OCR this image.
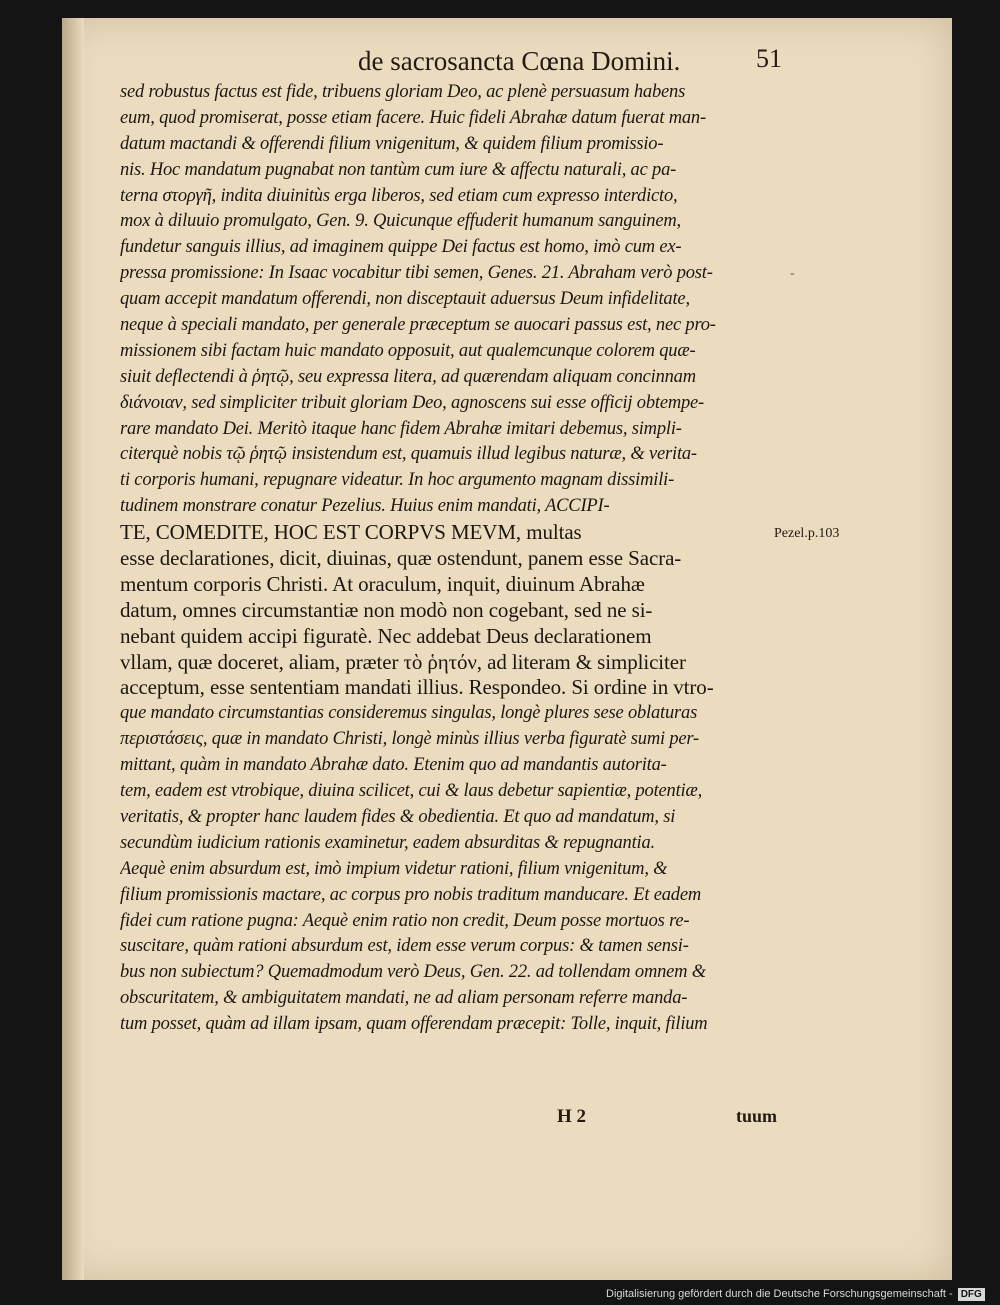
de sacrosancta Cœna Domini.	51
-
Pezel.p.103
sed robustus factus est fide, tribuens gloriam Deo, ac plenè persuasum habens
eum, quod promiserat, posse etiam facere. Huic fideli Abrahæ datum fuerat man-
datum mactandi & offerendi filium vnigenitum, & quidem filium promissio-
nis. Hoc mandatum pugnabat non tantùm cum iure & affectu naturali, ac pa-
terna στοργῆ, indita diuinitùs erga liberos, sed etiam cum expresso interdicto,
mox à diluuio promulgato, Gen. 9. Quicunque effuderit humanum sanguinem,
fundetur sanguis illius, ad imaginem quippe Dei factus est homo, imò cum ex-
pressa promissione: In Isaac vocabitur tibi semen, Genes. 21. Abraham verò post-
quam accepit mandatum offerendi, non disceptauit aduersus Deum infidelitate,
neque à speciali mandato, per generale præceptum se auocari passus est, nec pro-
missionem sibi factam huic mandato opposuit, aut qualemcunque colorem quæ-
siuit deflectendi à ῥητῷ, seu expressa litera, ad quærendam aliquam concinnam
διάνοιαν, sed simpliciter tribuit gloriam Deo, agnoscens sui esse officij obtempe-
rare mandato Dei. Meritò itaque hanc fidem Abrahæ imitari debemus, simpli-
citerquè nobis τῷ ῥητῷ insistendum est, quamuis illud legibus naturæ, & verita-
ti corporis humani, repugnare videatur. In hoc argumento magnam dissimili-
tudinem monstrare conatur Pezelius. Huius enim mandati, ACCIPI-
TE, COMEDITE, HOC EST CORPVS MEVM, multas
esse declarationes, dicit, diuinas, quæ ostendunt, panem esse Sacra-
mentum corporis Christi. At oraculum, inquit, diuinum Abrahæ
datum, omnes circumstantiæ non modò non cogebant, sed ne si-
nebant quidem accipi figuratè. Nec addebat Deus declarationem
vllam, quæ doceret, aliam, præter τὸ ῥητόν, ad literam & simpliciter
acceptum, esse sententiam mandati illius. Respondeo. Si ordine in vtro-
que mandato circumstantias consideremus singulas, longè plures sese oblaturas
περιστάσεις, quæ in mandato Christi, longè minùs illius verba figuratè sumi per-
mittant, quàm in mandato Abrahæ dato. Etenim quo ad mandantis autorita-
tem, eadem est vtrobique, diuina scilicet, cui & laus debetur sapientiæ, potentiæ,
veritatis, & propter hanc laudem fides & obedientia. Et quo ad mandatum, si
secundùm iudicium rationis examinetur, eadem absurditas & repugnantia.
Aequè enim absurdum est, imò impium videtur rationi, filium vnigenitum, &
filium promissionis mactare, ac corpus pro nobis traditum manducare. Et eadem
fidei cum ratione pugna: Aequè enim ratio non credit, Deum posse mortuos re-
suscitare, quàm rationi absurdum est, idem esse verum corpus: & tamen sensi-
bus non subiectum? Quemadmodum verò Deus, Gen. 22. ad tollendam omnem &
obscuritatem, & ambiguitatem mandati, ne ad aliam personam referre manda-
tum posset, quàm ad illam ipsam, quam offerendam præcepit: Tolle, inquit, filium
H 2	tuum
Digitalisierung gefördert durch die Deutsche Forschungsgemeinschaft - DFG
